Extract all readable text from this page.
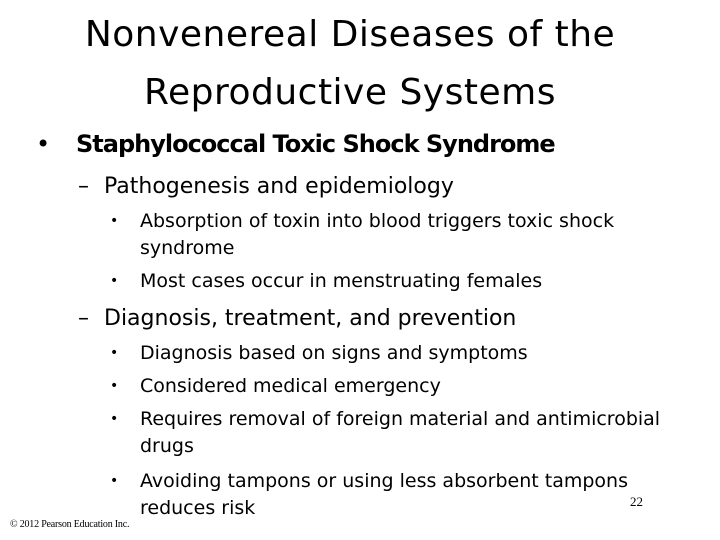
Nonvenereal Diseases of the
Reproductive Systems
• Staphylococcal Toxic Shock Syndrome
– Pathogenesis and epidemiology
• Absorption of toxin into blood triggers toxic shock syndrome
• Most cases occur in menstruating females
– Diagnosis, treatment, and prevention
• Diagnosis based on signs and symptoms
• Considered medical emergency
• Requires removal of foreign material and antimicrobial drugs
• Avoiding tampons or using less absorbent tampons reduces risk	22
© 2012 Pearson Education Inc.
